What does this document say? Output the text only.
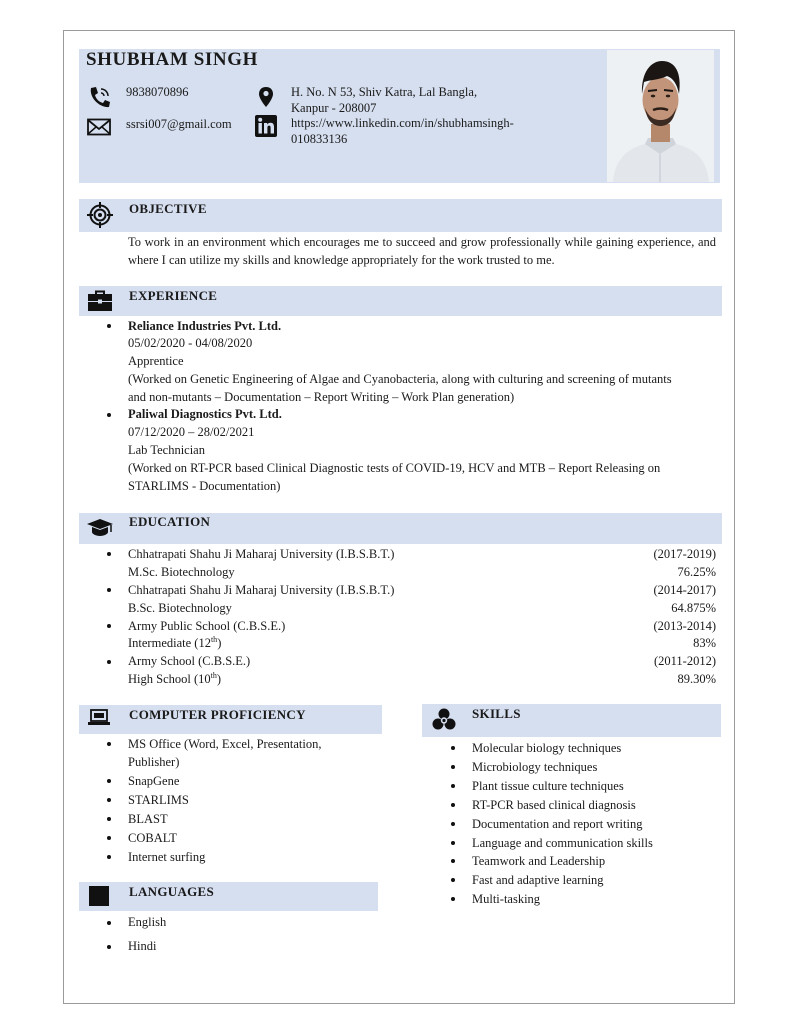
SHUBHAM SINGH
9838070896
ssrsi007@gmail.com
H. No. N 53, Shiv Katra, Lal Bangla,
Kanpur - 208007
https://www.linkedin.com/in/shubhamsingh-
010833136
OBJECTIVE
To work in an environment which encourages me to succeed and grow professionally while gaining experience, and where I can utilize my skills and knowledge appropriately for the work trusted to me.
EXPERIENCE
Reliance Industries Pvt. Ltd.
05/02/2020 - 04/08/2020
Apprentice
(Worked on Genetic Engineering of Algae and Cyanobacteria, along with culturing and screening of mutants
and non-mutants – Documentation – Report Writing – Work Plan generation)
Paliwal Diagnostics Pvt. Ltd.
07/12/2020 – 28/02/2021
Lab Technician
(Worked on RT-PCR based Clinical Diagnostic tests of COVID-19, HCV and MTB – Report Releasing on
STARLIMS - Documentation)
EDUCATION
Chhatrapati Shahu Ji Maharaj University (I.B.S.B.T.)	(2017-2019)
M.Sc. Biotechnology	76.25%
Chhatrapati Shahu Ji Maharaj University (I.B.S.B.T.)	(2014-2017)
B.Sc. Biotechnology	64.875%
Army Public School (C.B.S.E.)	(2013-2014)
Intermediate (12th)	83%
Army School (C.B.S.E.)	(2011-2012)
High School (10th)	89.30%
COMPUTER PROFICIENCY
MS Office (Word, Excel, Presentation,
Publisher)
SnapGene
STARLIMS
BLAST
COBALT
Internet surfing
LANGUAGES
English
Hindi
SKILLS
Molecular biology techniques
Microbiology techniques
Plant tissue culture techniques
RT-PCR based clinical diagnosis
Documentation and report writing
Language and communication skills
Teamwork and Leadership
Fast and adaptive learning
Multi-tasking
